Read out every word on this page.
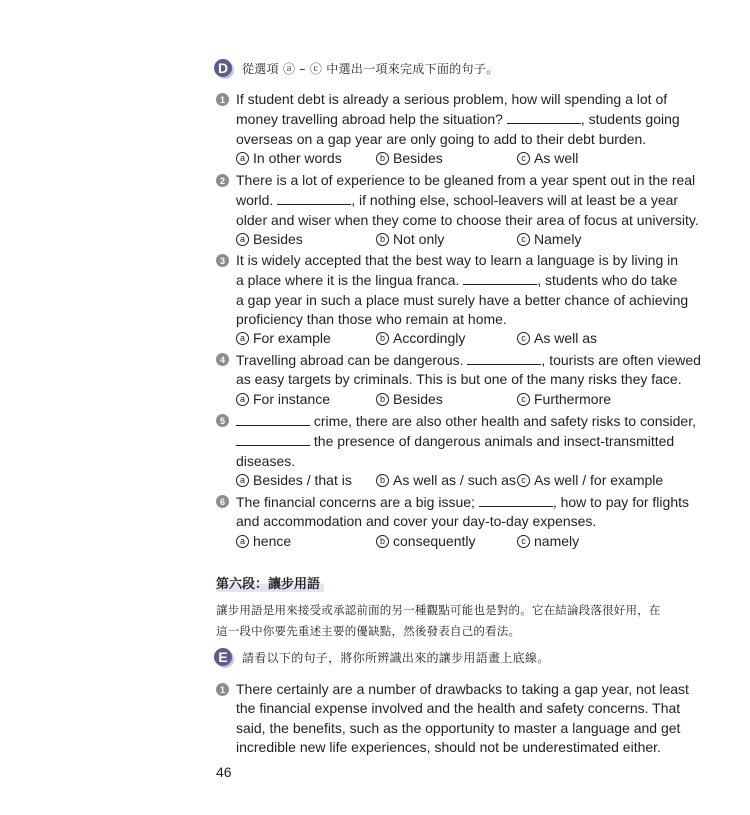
D	從選項 ⓐ – ⓒ 中選出一項來完成下面的句子。
1 If student debt is already a serious problem, how will spending a lot of
money travelling abroad help the situation?	, students going
overseas on a gap year are only going to add to their debt burden.
a In other words	b Besides	c As well
2 There is a lot of experience to be gleaned from a year spent out in the real
world.	, if nothing else, school-leavers will at least be a year
older and wiser when they come to choose their area of focus at university.
a Besides	b Not only	c Namely
3 It is widely accepted that the best way to learn a language is by living in
a place where it is the lingua franca.	, students who do take
a gap year in such a place must surely have a better chance of achieving
proficiency than those who remain at home.
a For example	b Accordingly	c As well as
4 Travelling abroad can be dangerous.	, tourists are often viewed
as easy targets by criminals. This is but one of the many risks they face.
a For instance	b Besides	c Furthermore
5	crime, there are also other health and safety risks to consider,
the presence of dangerous animals and insect-transmitted
diseases.
a Besides / that is	b As well as / such as c As well / for example
6 The financial concerns are a big issue;	, how to pay for flights
and accommodation and cover your day-to-day expenses.
a hence	b consequently	c namely
第六段：讓步用語
讓步用語是用來接受或承認前面的另一種觀點可能也是對的。它在結論段落很好用，在
這一段中你要先重述主要的優缺點，然後發表自己的看法。
E	請看以下的句子，將你所辨識出來的讓步用語畫上底線。
1 There certainly are a number of drawbacks to taking a gap year, not least
the financial expense involved and the health and safety concerns. That
said, the benefits, such as the opportunity to master a language and get
incredible new life experiences, should not be underestimated either.
46
